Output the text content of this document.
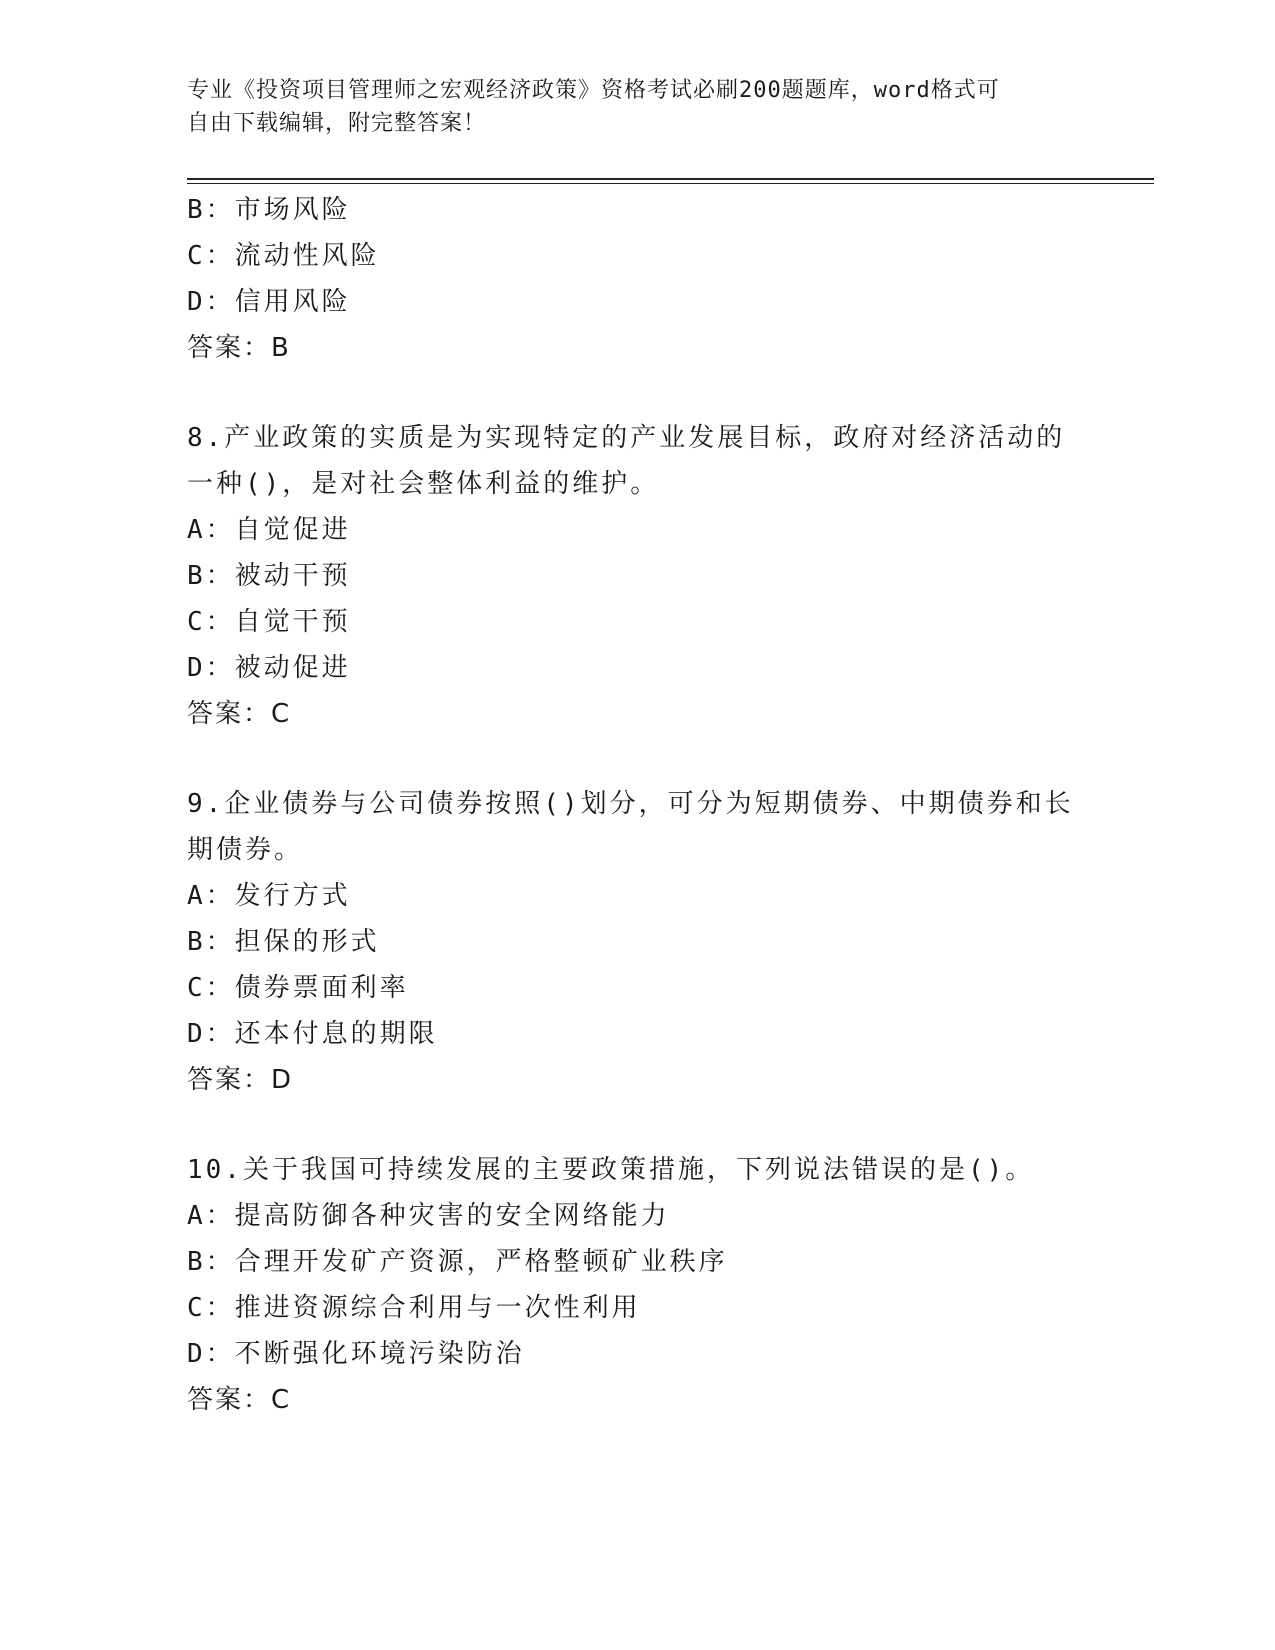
专业《投资项目管理师之宏观经济政策》资格考试必刷200题题库，word格式可
自由下载编辑，附完整答案！
B：市场风险
C：流动性风险
D：信用风险
答案：B
8.产业政策的实质是为实现特定的产业发展目标，政府对经济活动的
一种()，是对社会整体利益的维护。
A：自觉促进
B：被动干预
C：自觉干预
D：被动促进
答案：C
9.企业债券与公司债券按照()划分，可分为短期债券、中期债券和长
期债券。
A：发行方式
B：担保的形式
C：债券票面利率
D：还本付息的期限
答案：D
10.关于我国可持续发展的主要政策措施，下列说法错误的是()。
A：提高防御各种灾害的安全网络能力
B：合理开发矿产资源，严格整顿矿业秩序
C：推进资源综合利用与一次性利用
D：不断强化环境污染防治
答案：C
